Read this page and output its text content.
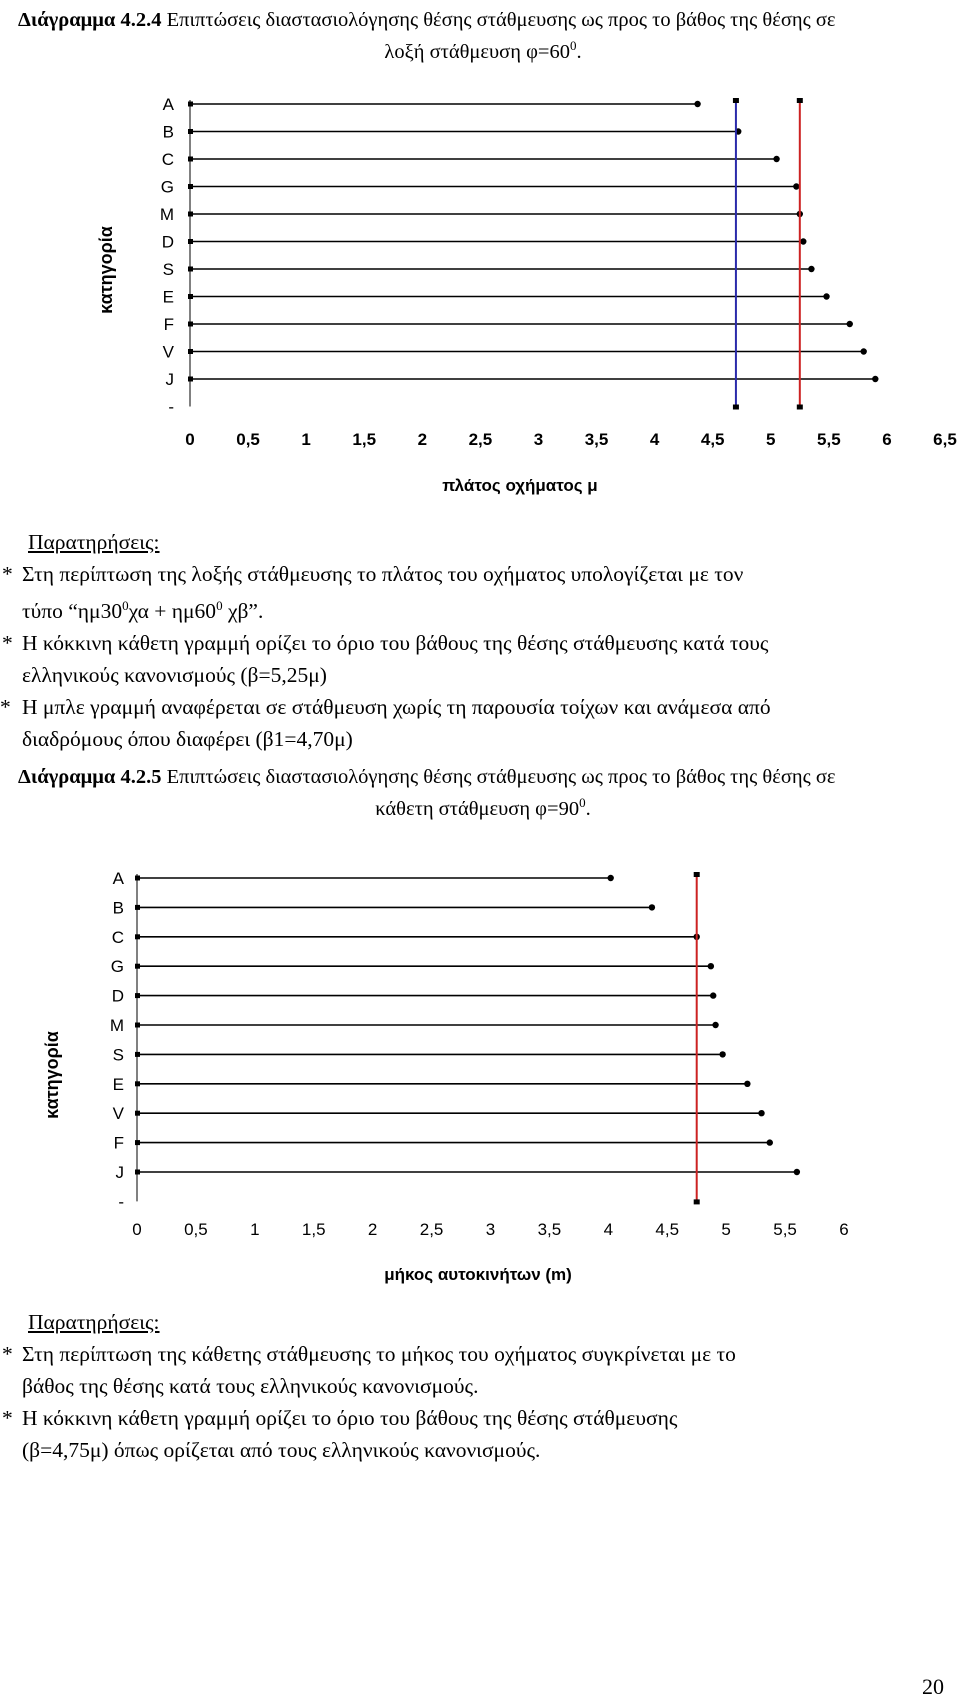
Διάγραμμα 4.2.4 Επιπτώσεις διαστασιολόγησης θέσης στάθμευσης ως προς το βάθος της θέσης σε
λοξή στάθμευση $\varphi=60^0$.
A
B
C
G
M
D
S
E
F
V
J
-
0 0,5 1 1,5 2 2,5 3 3,5 4 4,5 5 5,5 6 6,5
πλάτος οχήματος μ
κατηγορία
Παρατηρήσεις:
* Στη περίπτωση της λοξής στάθμευσης το πλάτος του οχήματος υπολογίζεται με τον
τύπο “$\eta\mu 30^0\chi\alpha + \eta\mu 60^0$ χβ”.
* Η κόκκινη κάθετη γραμμή ορίζει το όριο του βάθους της θέσης στάθμευσης κατά τους
ελληνικούς κανονισμούς (β=5,25μ)
* Η μπλε γραμμή αναφέρεται σε στάθμευση χωρίς τη παρουσία τοίχων και ανάμεσα από
διαδρόμους όπου διαφέρει (β1=4,70μ)
Διάγραμμα 4.2.5 Επιπτώσεις διαστασιολόγησης θέσης στάθμευσης ως προς το βάθος της θέσης σε
κάθετη στάθμευση $\varphi=90^0$.
A
B
C
G
D
M
S
E
V
F
J
-
0 0,5 1 1,5 2 2,5 3 3,5 4 4,5 5 5,5 6
μήκος αυτοκινήτων (m)
κατηγορία
Παρατηρήσεις:
* Στη περίπτωση της κάθετης στάθμευσης το μήκος του οχήματος συγκρίνεται με το
βάθος της θέσης κατά τους ελληνικούς κανονισμούς.
* Η κόκκινη κάθετη γραμμή ορίζει το όριο του βάθους της θέσης στάθμευσης
(β=4,75μ) όπως ορίζεται από τους ελληνικούς κανονισμούς.
20
